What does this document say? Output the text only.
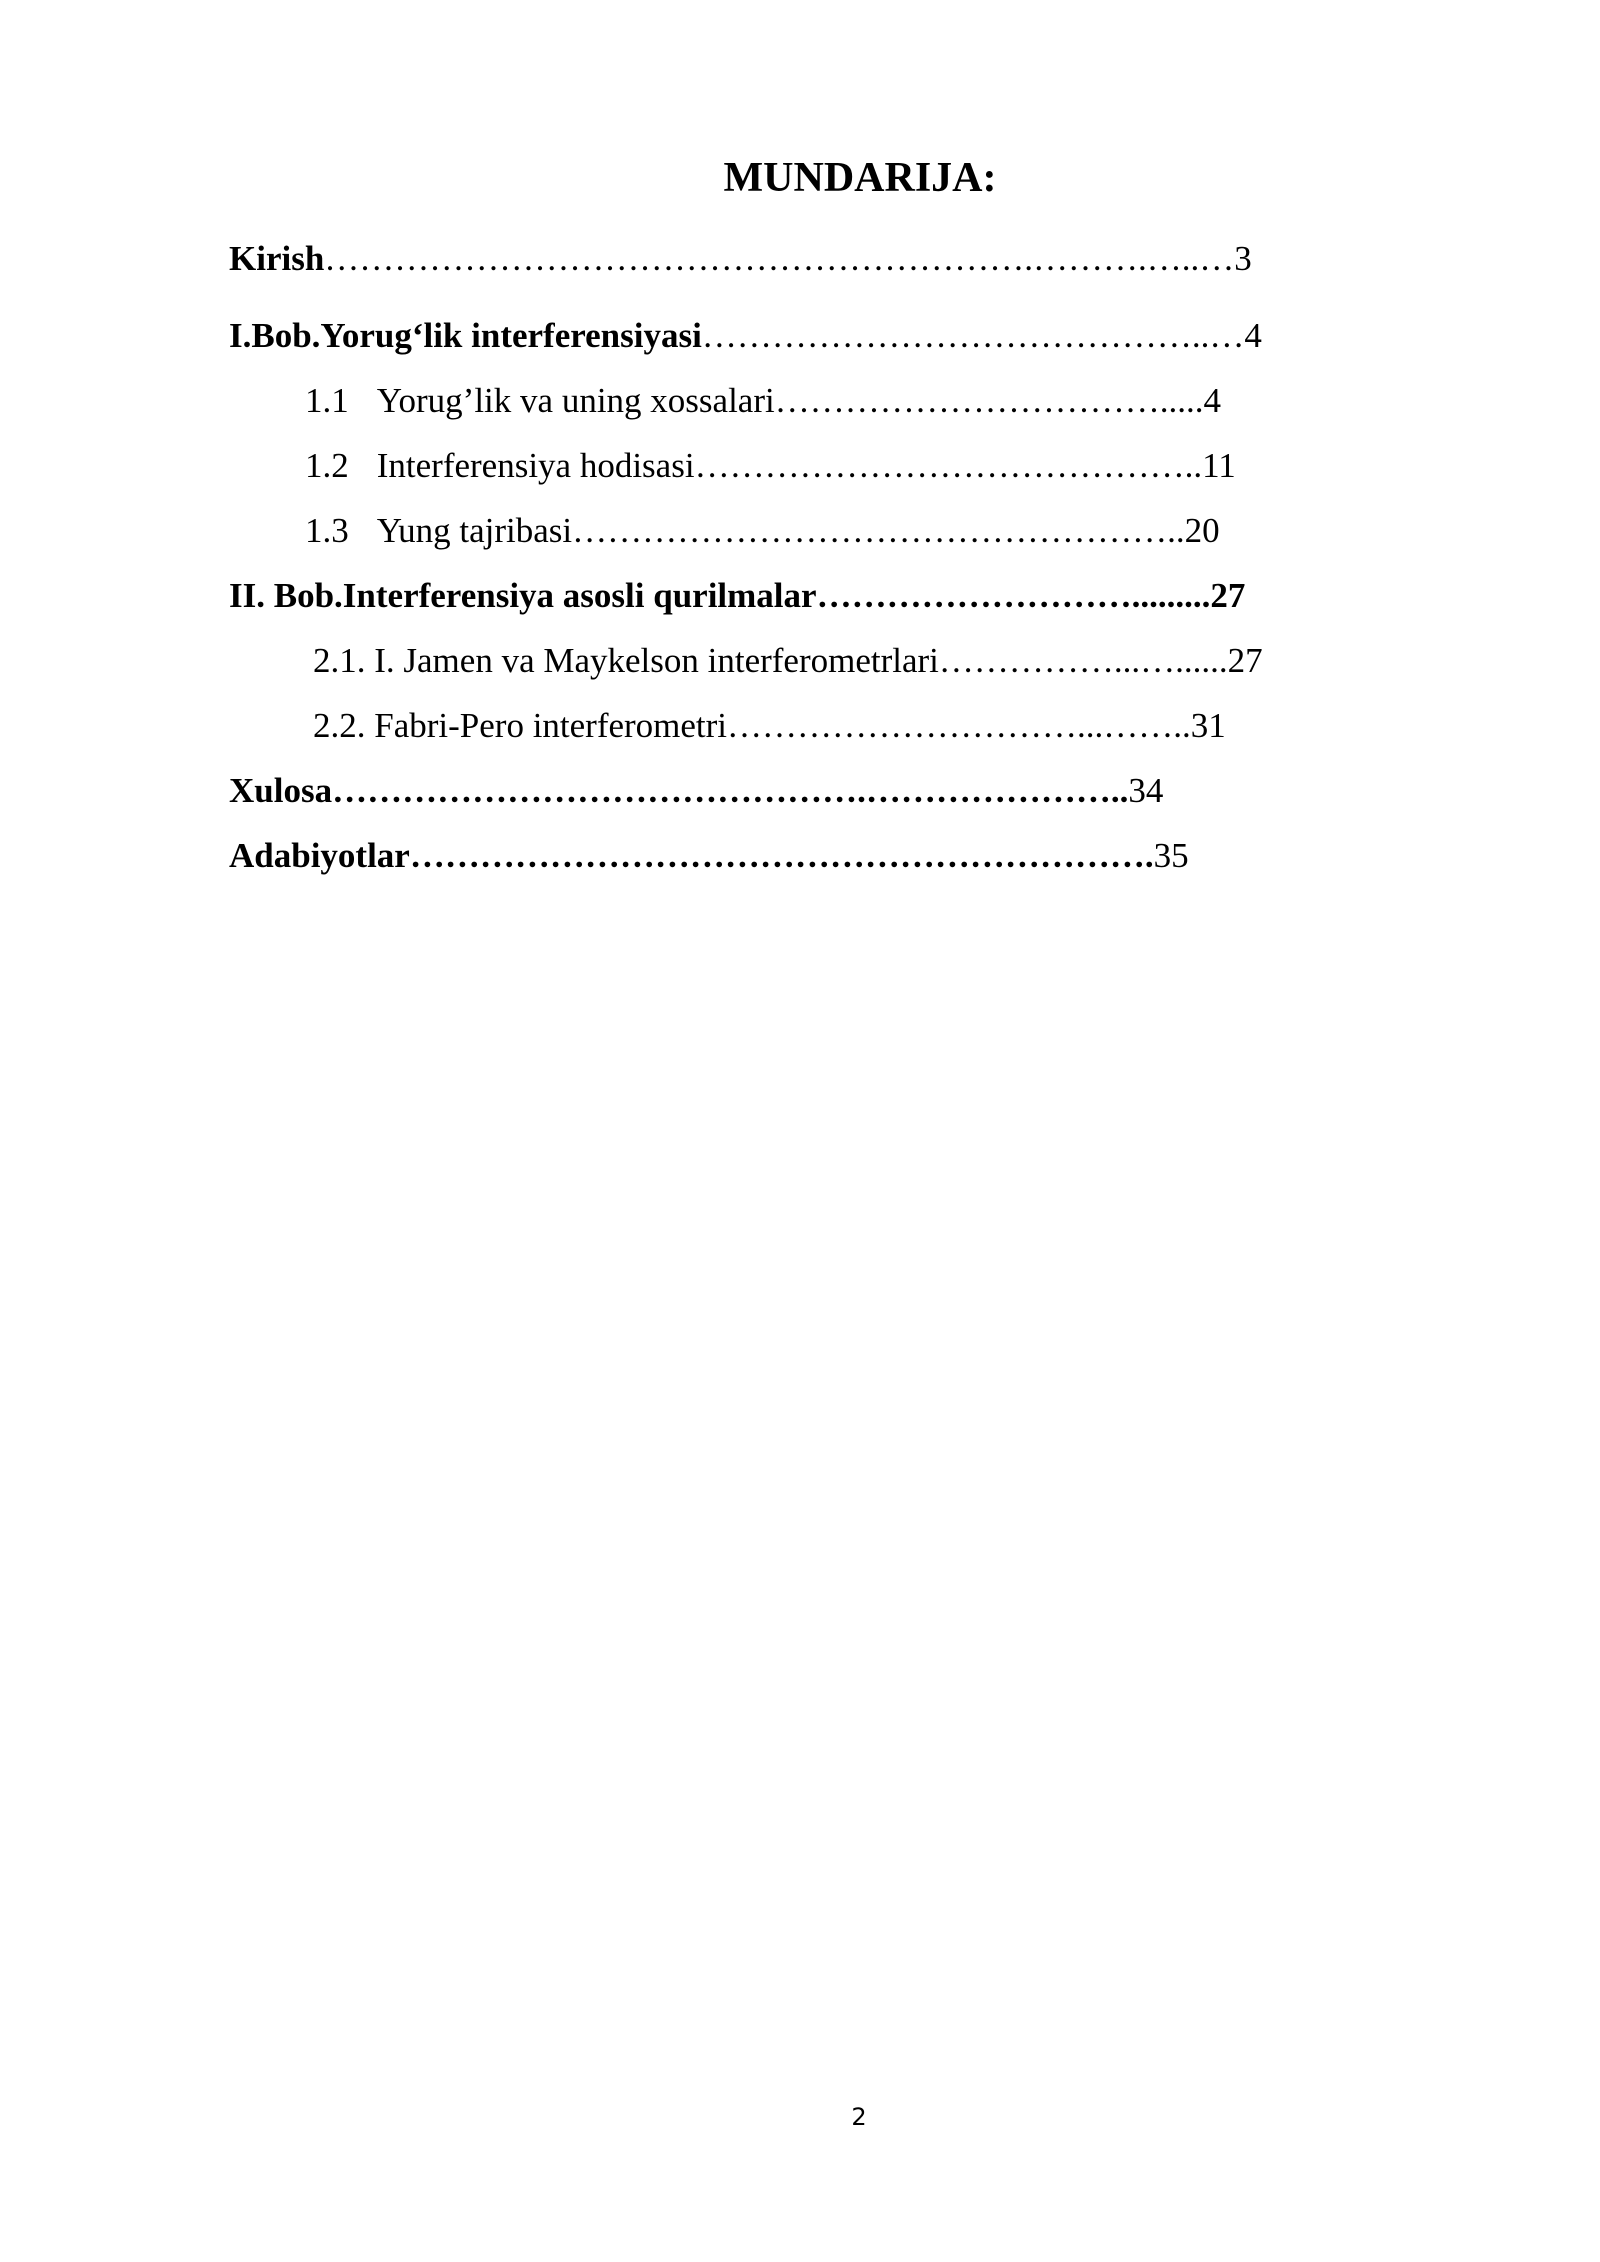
MUNDARIJA:
Kirish…………………………………………………….……….…..…3
I.Bob.Yorug‘lik interferensiyasi……………………………………..…4
1.1 Yorug’lik va uning xossalari…………………………….....4
1.2 Interferensiya hodisasi……………………………………..11
1.3 Yung tajribasi……………………………………………..20
II. Bob.Interferensiya asosli qurilmalar……………………….........27
2.1. I. Jamen va Maykelson interferometrlari……………...…......27
2.2. Fabri-Pero interferometri…………………………...……..31
Xulosa……………………………………….…………………..34
Adabiyotlar……………………………………………………….35
2
